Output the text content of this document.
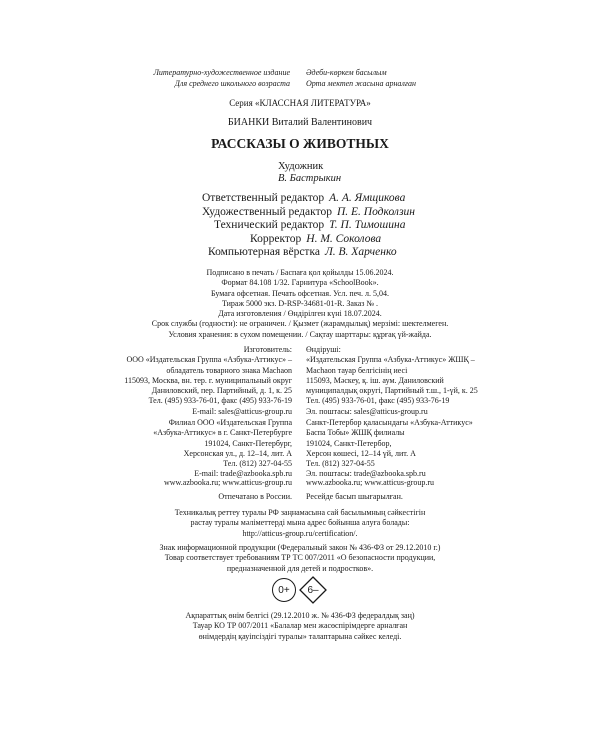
Литературно-художественное издание
Для среднего школьного возраста
Әдеби-көркем басылым
Орта мектеп жасына арналған
Серия «КЛАССНАЯ ЛИТЕРАТУРА»
БИАНКИ Виталий Валентинович
РАССКАЗЫ О ЖИВОТНЫХ
Художник
В. Бастрыкин
Ответственный редактор А. А. Ямщикова
Художественный редактор П. Е. Подколзин
Технический редактор Т. П. Тимошина
Корректор Н. М. Соколова
Компьютерная вёрстка Л. В. Харченко
Подписано в печать / Баспаға қол қойылды 15.06.2024.
Формат 84.108 1/32. Гарнитура «SchoolBook».
Бумага офсетная. Печать офсетная. Усл. печ. л. 5,04.
Тираж 5000 экз. D-RSP-34681-01-R. Заказ № .
Дата изготовления / Өндірілген күні 18.07.2024.
Срок службы (годности): не ограничен. / Қызмет (жарамдылық) мерзімі: шектелмеген.
Условия хранения: в сухом помещении. / Сақтау шарттары: құрғақ үй-жайда.
Изготовитель:
ООО «Издательская Группа «Азбука-Аттикус» –
обладатель товарного знака Machaon
115093, Москва, вн. тер. г. муниципальный округ
Даниловский, пер. Партийный, д. 1, к. 25
Тел. (495) 933-76-01, факс (495) 933-76-19
E-mail: sales@atticus-group.ru
Өндіруші:
«Издательская Группа «Азбука-Аттикус» ЖШҚ –
Machaon тауар белгісінің иесі
115093, Мәскеу, қ. іш. аум. Даниловский
муниципалдық округі, Партийный т.ш., 1-үй, к. 25
Тел. (495) 933-76-01, факс (495) 933-76-19
Эл. поштасы: sales@atticus-group.ru
Филиал ООО «Издательская Группа
«Азбука-Аттикус» в г. Санкт-Петербурге
191024, Санкт-Петербург,
Херсонская ул., д. 12–14, лит. А
Тел. (812) 327-04-55
E-mail: trade@azbooka.spb.ru
Санкт-Петербор қаласындағы «Азбука-Аттикус»
Баспа Тобы» ЖШҚ филиалы
191024, Санкт-Петербор,
Херсон көшесі, 12–14 үй, лит. А
Тел. (812) 327-04-55
Эл. поштасы: trade@azbooka.spb.ru
www.azbooka.ru; www.atticus-group.ru www.azbooka.ru; www.atticus-group.ru
Отпечатано в России. Ресейде басып шығарылған.
Техникалық реттеу туралы РФ заңнамасына сай басылымның сәйкестігін
растау туралы мәліметтерді мына адрес бойынша алуға болады:
http://atticus-group.ru/certification/.
Знак информационной продукции (Федеральный закон № 436-ФЗ от 29.12.2010 г.)
Товар соответствует требованиям ТР ТС 007/2011 «О безопасности продукции,
предназначенной для детей и подростков».
0+	6–
Ақпараттық өнім белгісі (29.12.2010 ж. № 436-ФЗ федералдық заң)
Тауар КО ТР 007/2011 «Балалар мен жасөспірімдерге арналған
өнімдердің қауіпсіздігі туралы» талаптарына сәйкес келеді.
